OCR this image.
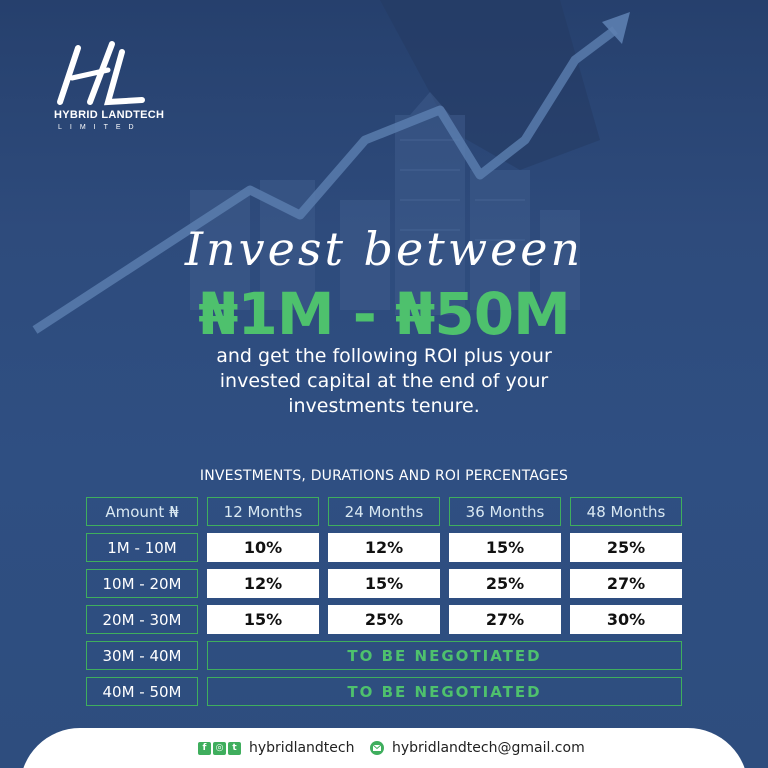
HYBRID LANDTECH
LIMITED
Invest between
₦1M - ₦50M
and get the following ROI plus your invested capital at the end of your investments tenure.
INVESTMENTS, DURATIONS AND ROI PERCENTAGES
Amount ₦	12 Months	24 Months	36 Months	48 Months
1M - 10M	10%	12%	15%	25%
10M - 20M	12%	15%	25%	27%
20M - 30M	15%	25%	27%	30%
30M - 40M	TO BE NEGOTIATED
40M - 50M	TO BE NEGOTIATED
f	◎ t hybridlandtech	hybridlandtech@gmail.com
